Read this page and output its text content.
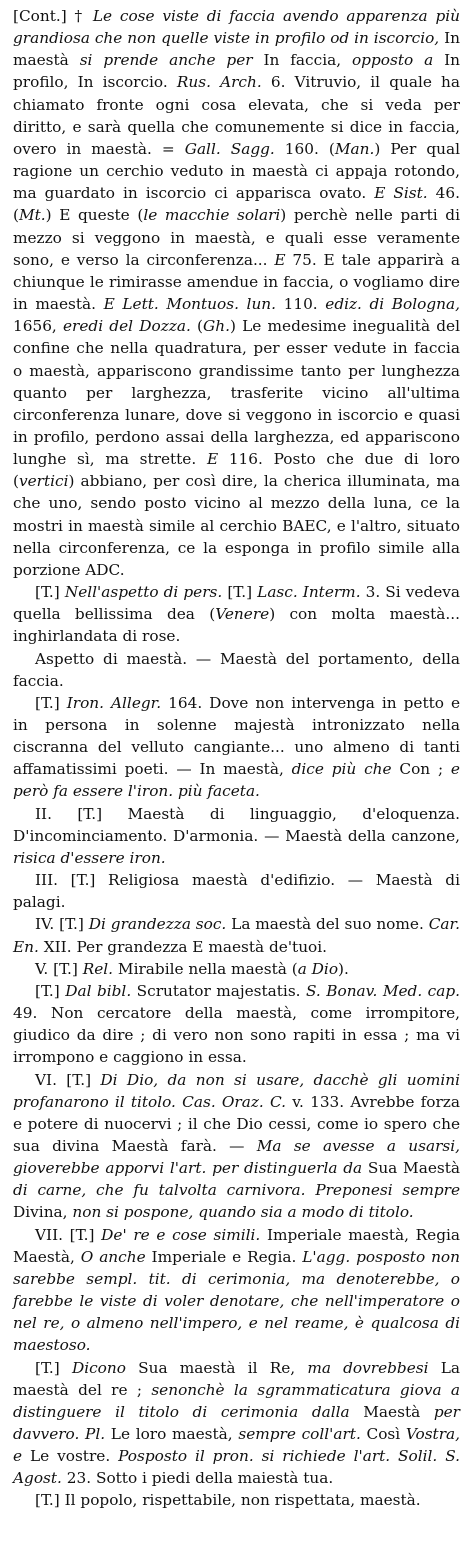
[Cont.] † Le cose viste di faccia avendo apparenza più grandiosa che non quelle viste in profilo od in iscorcio, In maestà si prende anche per In faccia, opposto a In profilo, In iscorcio. Rus. Arch. 6. Vitruvio, il quale ha chiamato fronte ogni cosa elevata, che si veda per diritto, e sarà quella che comunemente si dice in faccia, overo in maestà. = Gall. Sagg. 160. (Man.) Per qual ragione un cerchio veduto in maestà ci appaja rotondo, ma guardato in iscorcio ci apparisca ovato. E Sist. 46. (Mt.) E queste (le macchie solari) perchè nelle parti di mezzo si veggono in maestà, e quali esse veramente sono, e verso la circonferenza... E 75. E tale apparirà a chiunque le rimirasse amendue in faccia, o vogliamo dire in maestà. E Lett. Montuos. lun. 110. ediz. di Bologna, 1656, eredi del Dozza. (Gh.) Le medesime inegualità del confine che nella quadratura, per esser vedute in faccia o maestà, appariscono grandissime tanto per lunghezza quanto per larghezza, trasferite vicino all'ultima circonferenza lunare, dove si veggono in iscorcio e quasi in profilo, perdono assai della larghezza, ed appariscono lunghe sì, ma strette. E 116. Posto che due di loro (vertici) abbiano, per così dire, la cherica illuminata, ma che uno, sendo posto vicino al mezzo della luna, ce la mostri in maestà simile al cerchio BAEC, e l'altro, situato nella circonferenza, ce la esponga in profilo simile alla porzione ADC.

[T.] Nell'aspetto di pers. [T.] Lasc. Interm. 3. Si vedeva quella bellissima dea (Venere) con molta maestà... inghirlandata di rose.

Aspetto di maestà. — Maestà del portamento, della faccia.

[T.] Iron. Allegr. 164. Dove non intervenga in petto e in persona in solenne majestà intronizzato nella ciscranna del velluto cangiante... uno almeno di tanti affamatissimi poeti. — In maestà, dice più che Con ; e però fa essere l'iron. più faceta.

II. [T.] Maestà di linguaggio, d'eloquenza. D'incominciamento. D'armonia. — Maestà della canzone, risica d'essere iron.

III. [T.] Religiosa maestà d'edifizio. — Maestà di palagi.

IV. [T.] Di grandezza soc. La maestà del suo nome. Car. En. XII. Per grandezza E maestà de'tuoi.

V. [T.] Rel. Mirabile nella maestà (a Dio).

[T.] Dal bibl. Scrutator majestatis. S. Bonav. Med. cap. 49. Non cercatore della maestà, come irrompitore, giudico da dire ; di vero non sono rapiti in essa ; ma vi irrompono e caggiono in essa.

VI. [T.] Di Dio, da non si usare, dacchè gli uomini profanarono il titolo. Cas. Oraz. C. v. 133. Avrebbe forza e potere di nuocervi ; il che Dio cessi, come io spero che sua divina Maestà farà. — Ma se avesse a usarsi, gioverebbe apporvi l'art. per distinguerla da Sua Maestà di carne, che fu talvolta carnivora. Preponesi sempre Divina, non si pospone, quando sia a modo di titolo.

VII. [T.] De' re e cose simili. Imperiale maestà, Regia Maestà, O anche Imperiale e Regia. L'agg. posposto non sarebbe sempl. tit. di cerimonia, ma denoterebbe, o farebbe le viste di voler denotare, che nell'imperatore o nel re, o almeno nell'impero, e nel reame, è qualcosa di maestoso.

[T.] Dicono Sua maestà il Re, ma dovrebbesi La maestà del re ; senonchè la sgrammaticatura giova a distinguere il titolo di cerimonia dalla Maestà per davvero. Pl. Le loro maestà, sempre coll'art. Così Vostra, e Le vostre. Posposto il pron. si richiede l'art. Solil. S. Agost. 23. Sotto i piedi della maiestà tua.

[T.] Il popolo, rispettabile, non rispettata, maestà.
